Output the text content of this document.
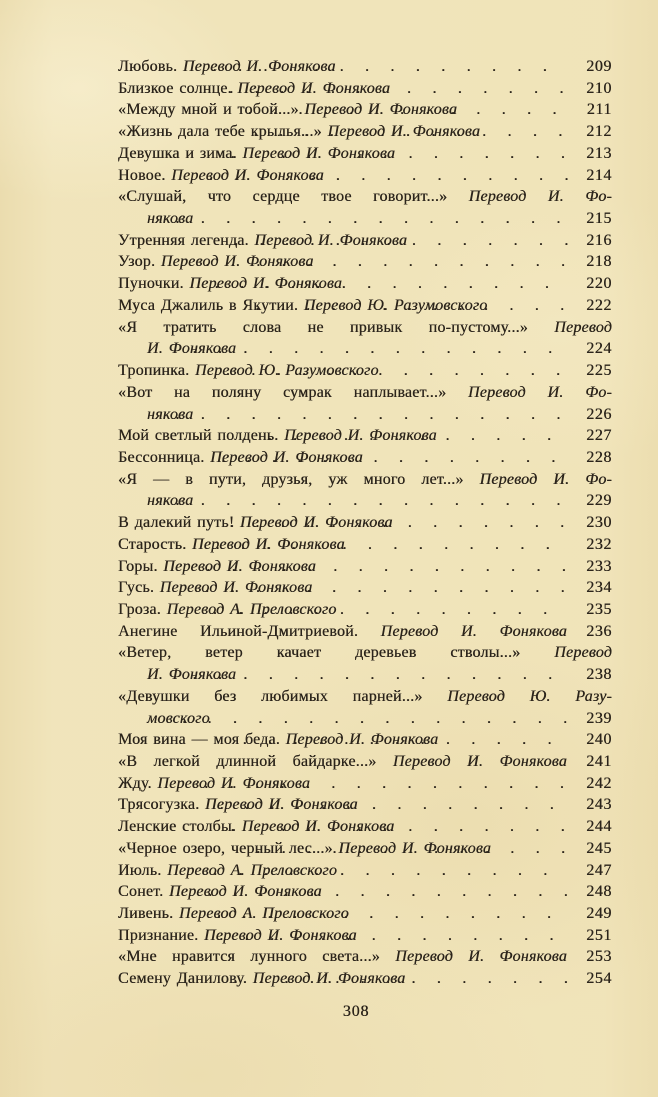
Любовь. Перевод И. Фонякова . . .	209
Близкое солнце. Перевод И. Фонякова . . .	210
«Между мной и тобой...» Перевод И. Фонякова . . .	211
«Жизнь дала тебе крылья...» Перевод И. Фонякова . . .	212
Девушка и зима. Перевод И. Фонякова . . .	213
Новое. Перевод И. Фонякова . . .	214
«Слушай, что сердце твое говорит...» Перевод И. Фо-
някова . . .	215
Утренняя легенда. Перевод И. Фонякова . . .	216
Узор. Перевод И. Фонякова . . .	218
Пуночки. Перевод И. Фонякова . . .	220
Муса Джалиль в Якутии. Перевод Ю. Разумовского . . .	222
«Я тратить слова не привык по-пустому...» Перевод
И. Фонякова . . .	224
Тропинка. Перевод Ю. Разумовского . . .	225
«Вот на поляну сумрак наплывает...» Перевод И. Фо-
някова . . .	226
Мой светлый полдень. Перевод И. Фонякова . . .	227
Бессонница. Перевод И. Фонякова . . .	228
«Я — в пути, друзья, уж много лет...» Перевод И. Фо-
някова . . .	229
В далекий путь! Перевод И. Фонякова . . .	230
Старость. Перевод И. Фонякова . . .	232
Горы. Перевод И. Фонякова . . .	233
Гусь. Перевод И. Фонякова . . .	234
Гроза. Перевод А. Преловского . . .	235
Анегине Ильиной-Дмитриевой. Перевод И. Фонякова	236
«Ветер, ветер качает деревьев стволы...» Перевод
И. Фонякова . . .	238
«Девушки без любимых парней...» Перевод Ю. Разу-
мовского . . .	239
Моя вина — моя беда. Перевод И. Фонякова . . .	240
«В легкой длинной байдарке...» Перевод И. Фонякова	241
Жду. Перевод И. Фонякова . . .	242
Трясогузка. Перевод И. Фонякова . . .	243
Ленские столбы. Перевод И. Фонякова . . .	244
«Черное озеро, черный лес...» Перевод И. Фонякова . . .	245
Июль. Перевод А. Преловского . . .	247
Сонет. Перевод И. Фонякова . . .	248
Ливень. Перевод А. Преловского . . .	249
Признание. Перевод И. Фонякова . . .	251
«Мне нравится лунного света...» Перевод И. Фонякова	253
Семену Данилову. Перевод И. Фонякова . . .	254
308
